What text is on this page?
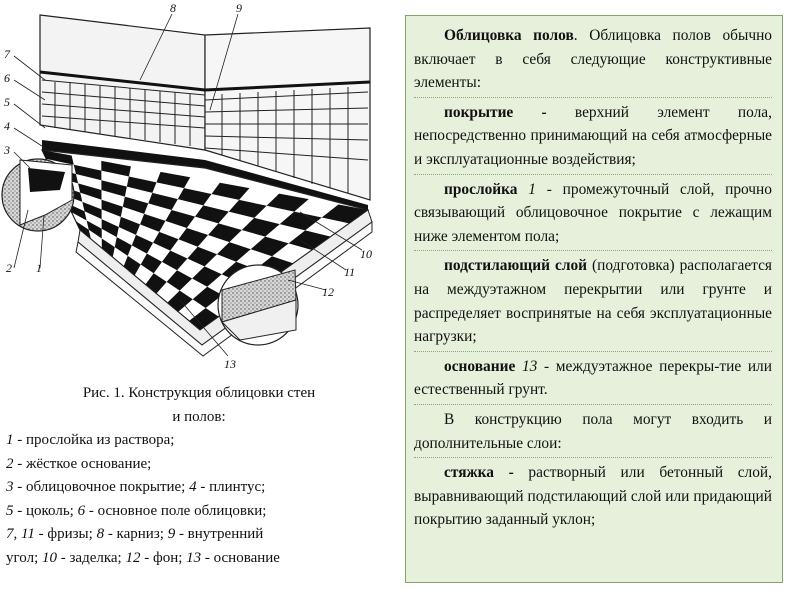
8	9
7
6
5
4
3
2 1
10
11
12
13
Рис. 1. Конструкция облицовки стен
и полов:
1 - прослойка из раствора;
2 - жёсткое основание;
3 - облицовочное покрытие; 4 - плинтус;
5 - цоколь; 6 - основное поле облицовки;
7, 11 - фризы; 8 - карниз; 9 - внутренний
угол; 10 - заделка; 12 - фон; 13 - основание

Облицовка полов. Облицовка полов обычно включает в себя следующие конструктивные элементы:

покрытие - верхний элемент пола, непосредственно принимающий на себя атмосферные и эксплуатационные воздействия;

прослойка 1 - промежуточный слой, прочно связывающий облицовочное покрытие с лежащим ниже элементом пола;

подстилающий слой (подготовка) располагается на междуэтажном перекрытии или грунте и распределяет воспринятые на себя эксплуатационные нагрузки;

основание 13 - междуэтажное перекры-тие или естественный грунт.

В конструкцию пола могут входить и дополнительные слои:

стяжка - растворный или бетонный слой, выравнивающий подстилающий слой или придающий покрытию заданный уклон;
